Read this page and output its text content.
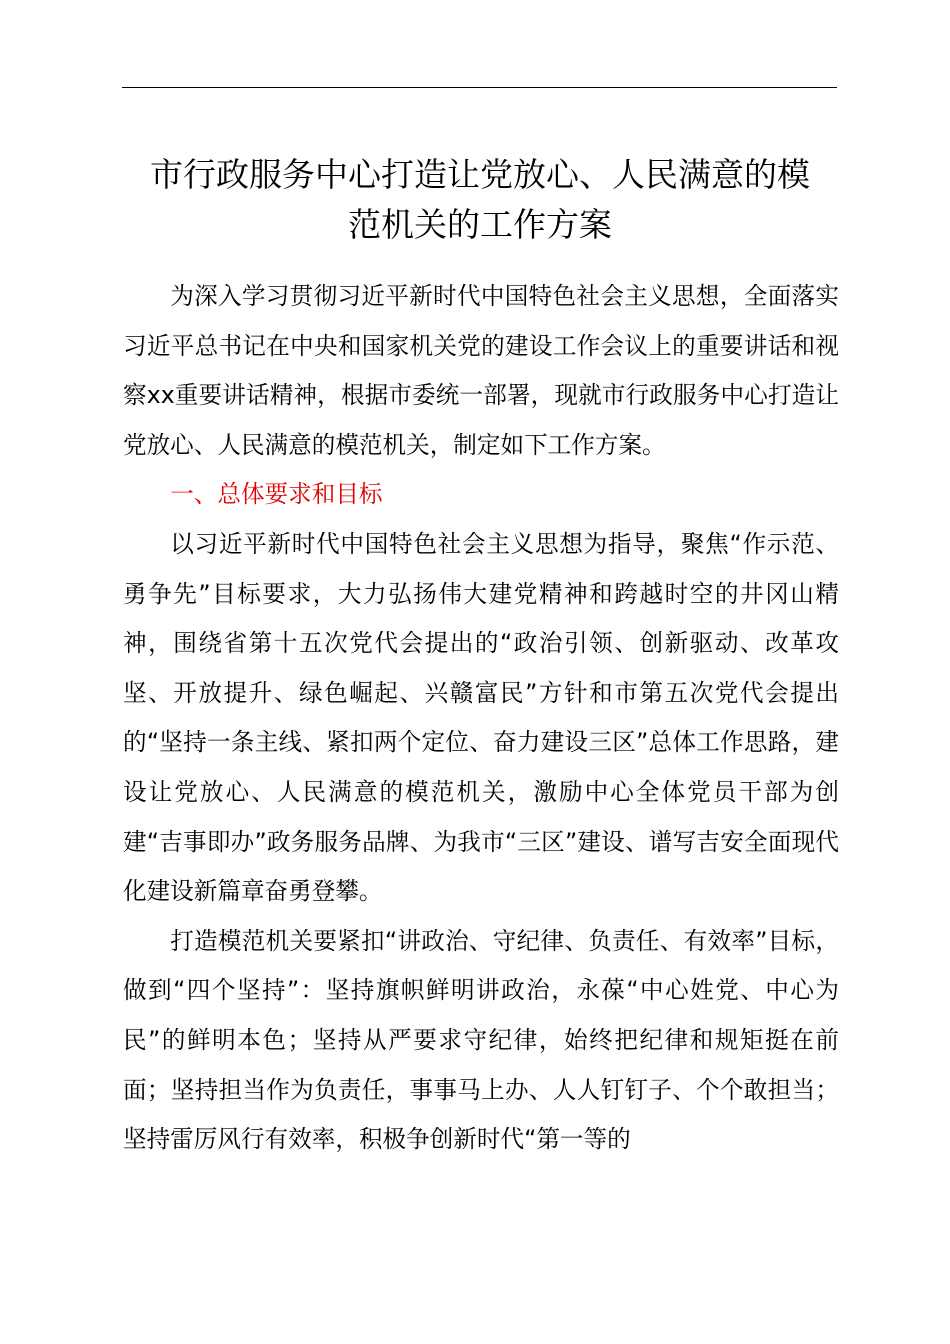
市行政服务中心打造让党放心、人民满意的模
范机关的工作方案

为深入学习贯彻习近平新时代中国特色社会主义思想，全面落实习近平总书记在中央和国家机关党的建设工作会议上的重要讲话和视察xx重要讲话精神，根据市委统一部署，现就市行政服务中心打造让党放心、人民满意的模范机关，制定如下工作方案。

一、总体要求和目标

以习近平新时代中国特色社会主义思想为指导，聚焦“作示范、勇争先”目标要求，大力弘扬伟大建党精神和跨越时空的井冈山精神，围绕省第十五次党代会提出的“政治引领、创新驱动、改革攻坚、开放提升、绿色崛起、兴赣富民”方针和市第五次党代会提出的“坚持一条主线、紧扣两个定位、奋力建设三区”总体工作思路，建设让党放心、人民满意的模范机关，激励中心全体党员干部为创建“吉事即办”政务服务品牌、为我市“三区”建设、谱写吉安全面现代化建设新篇章奋勇登攀。

打造模范机关要紧扣“讲政治、守纪律、负责任、有效率”目标，做到“四个坚持”：坚持旗帜鲜明讲政治，永葆“中心姓党、中心为民”的鲜明本色；坚持从严要求守纪律，始终把纪律和规矩挺在前面；坚持担当作为负责任，事事马上办、人人钉钉子、个个敢担当；坚持雷厉风行有效率，积极争创新时代“第一等的
